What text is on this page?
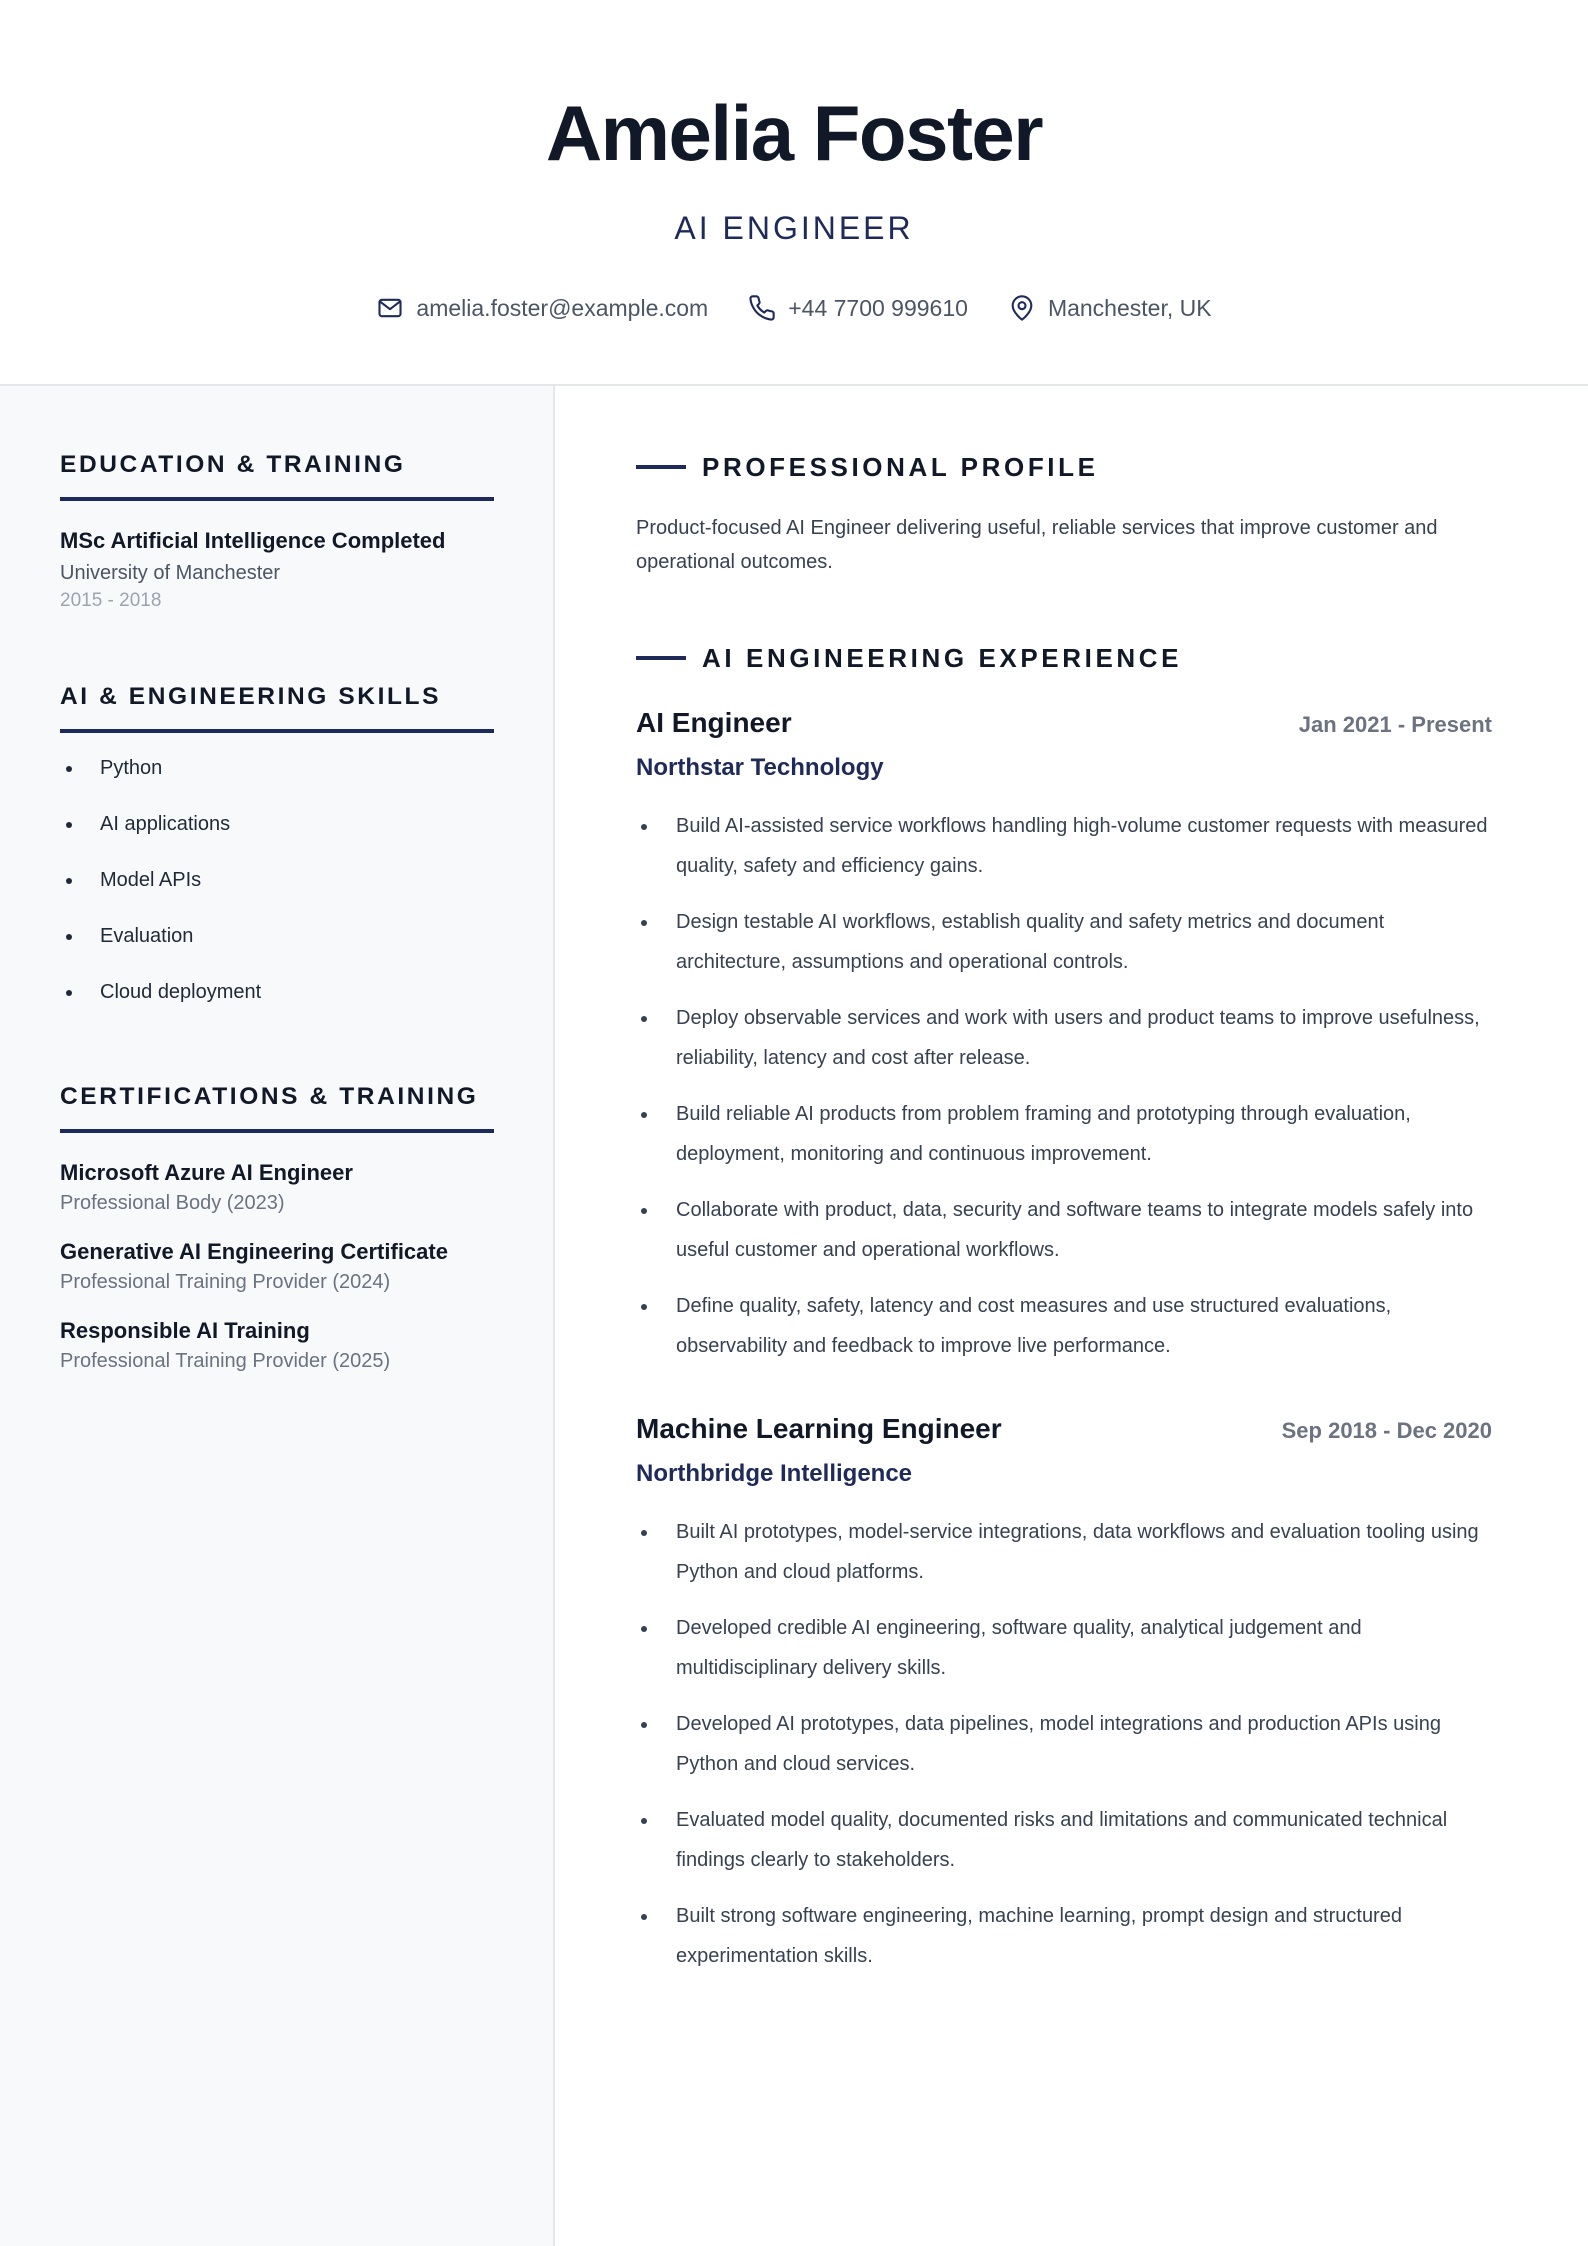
Amelia Foster
AI ENGINEER
amelia.foster@example.com	+44 7700 999610	Manchester, UK
EDUCATION & TRAINING
MSc Artificial Intelligence Completed
University of Manchester
2015 - 2018
AI & ENGINEERING SKILLS
Python
AI applications
Model APIs
Evaluation
Cloud deployment
CERTIFICATIONS & TRAINING
Microsoft Azure AI Engineer
Professional Body (2023)
Generative AI Engineering Certificate
Professional Training Provider (2024)
Responsible AI Training
Professional Training Provider (2025)
PROFESSIONAL PROFILE

Product-focused AI Engineer delivering useful, reliable services that improve customer and operational outcomes.

AI ENGINEERING EXPERIENCE
AI Engineer	Jan 2021 - Present
Northstar Technology
Build AI-assisted service workflows handling high-volume customer requests with measured quality, safety and efficiency gains.
Design testable AI workflows, establish quality and safety metrics and document architecture, assumptions and operational controls.
Deploy observable services and work with users and product teams to improve usefulness, reliability, latency and cost after release.
Build reliable AI products from problem framing and prototyping through evaluation, deployment, monitoring and continuous improvement.
Collaborate with product, data, security and software teams to integrate models safely into useful customer and operational workflows.
Define quality, safety, latency and cost measures and use structured evaluations, observability and feedback to improve live performance.
Machine Learning Engineer	Sep 2018 - Dec 2020
Northbridge Intelligence
Built AI prototypes, model-service integrations, data workflows and evaluation tooling using Python and cloud platforms.
Developed credible AI engineering, software quality, analytical judgement and multidisciplinary delivery skills.
Developed AI prototypes, data pipelines, model integrations and production APIs using Python and cloud services.
Evaluated model quality, documented risks and limitations and communicated technical findings clearly to stakeholders.
Built strong software engineering, machine learning, prompt design and structured experimentation skills.
